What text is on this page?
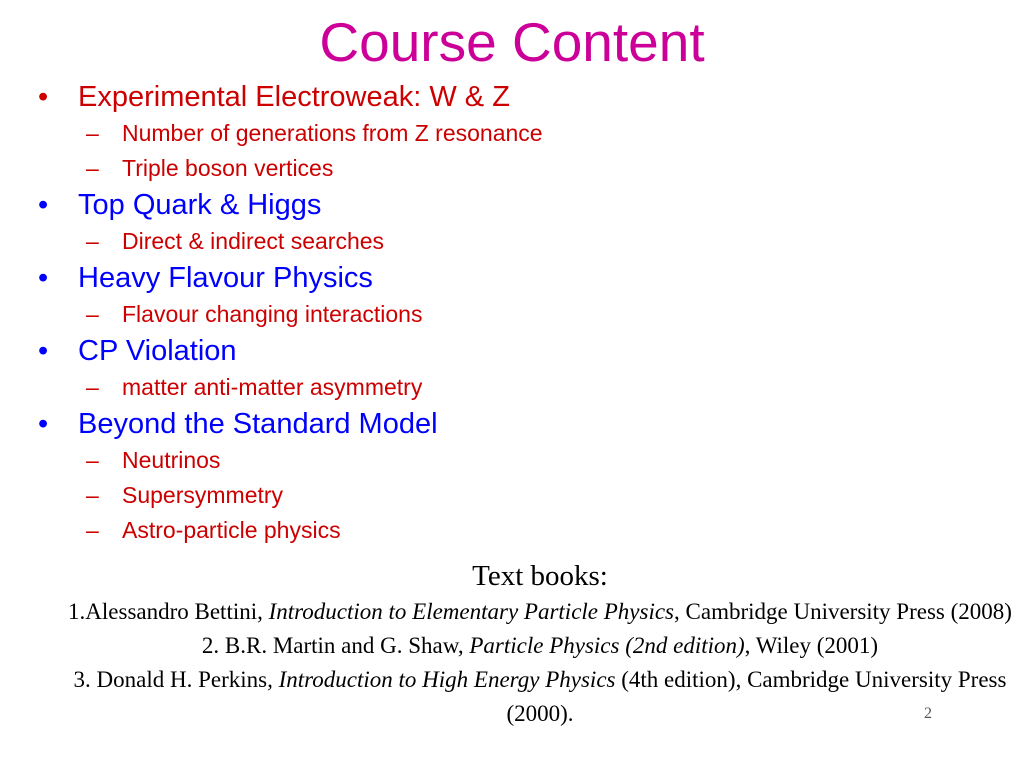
Course Content
• Experimental Electroweak: W & Z
– Number of generations from Z resonance
– Triple boson vertices
• Top Quark & Higgs
– Direct & indirect searches
• Heavy Flavour Physics
– Flavour changing interactions
• CP Violation
– matter anti-matter asymmetry
• Beyond the Standard Model
– Neutrinos
– Supersymmetry
– Astro-particle physics
Text books:
1.Alessandro Bettini, Introduction to Elementary Particle Physics, Cambridge University Press (2008)
2. B.R. Martin and G. Shaw, Particle Physics (2nd edition), Wiley (2001)
3. Donald H. Perkins, Introduction to High Energy Physics (4th edition), Cambridge University Press (2000).	2
